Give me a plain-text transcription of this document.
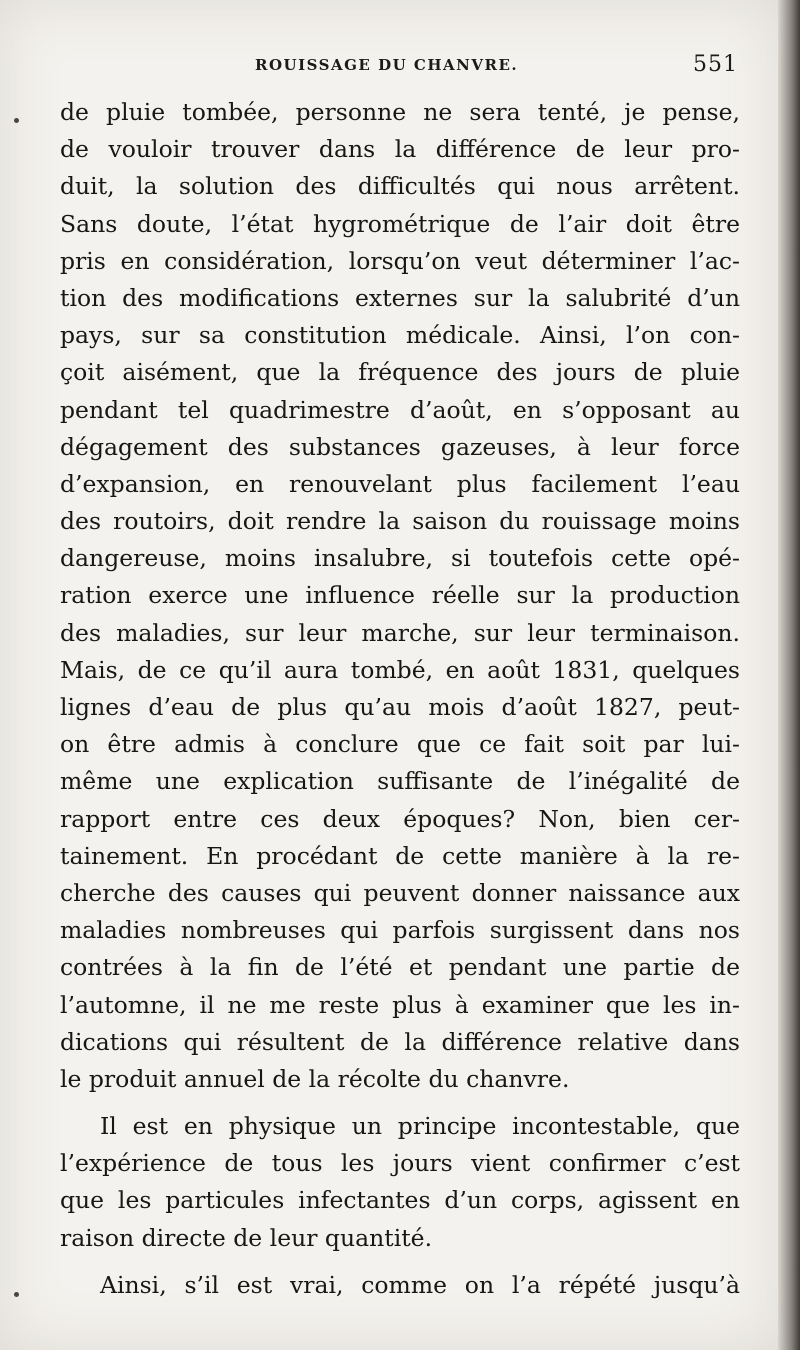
ROUISSAGE DU CHANVRE.	551
de pluie tombée, personne ne sera tenté, je pense,
de vouloir trouver dans la différence de leur pro-
duit, la solution des difficultés qui nous arrêtent.
Sans doute, l’état hygrométrique de l’air doit être
pris en considération, lorsqu’on veut déterminer l’ac-
tion des modifications externes sur la salubrité d’un
pays, sur sa constitution médicale. Ainsi, l’on con-
çoit aisément, que la fréquence des jours de pluie
pendant tel quadrimestre d’août, en s’opposant au
dégagement des substances gazeuses, à leur force
d’expansion, en renouvelant plus facilement l’eau
des routoirs, doit rendre la saison du rouissage moins
dangereuse, moins insalubre, si toutefois cette opé-
ration exerce une influence réelle sur la production
des maladies, sur leur marche, sur leur terminaison.
Mais, de ce qu’il aura tombé, en août 1831, quelques
lignes d’eau de plus qu’au mois d’août 1827, peut-
on être admis à conclure que ce fait soit par lui-
même une explication suffisante de l’inégalité de
rapport entre ces deux époques? Non, bien cer-
tainement. En procédant de cette manière à la re-
cherche des causes qui peuvent donner naissance aux
maladies nombreuses qui parfois surgissent dans nos
contrées à la fin de l’été et pendant une partie de
l’automne, il ne me reste plus à examiner que les in-
dications qui résultent de la différence relative dans
le produit annuel de la récolte du chanvre.
Il est en physique un principe incontestable, que
l’expérience de tous les jours vient confirmer c’est
que les particules infectantes d’un corps, agissent en
raison directe de leur quantité.
Ainsi, s’il est vrai, comme on l’a répété jusqu’à
